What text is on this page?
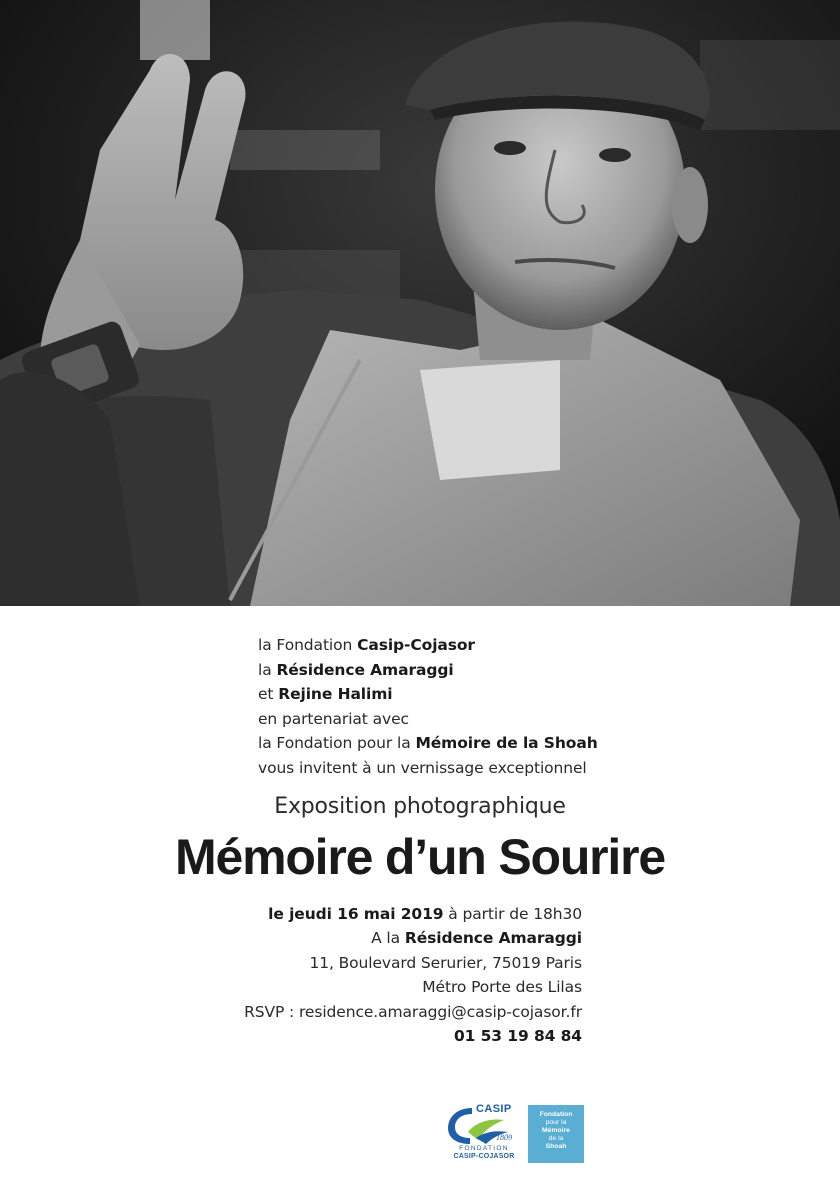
la Fondation Casip-Cojasor
la Résidence Amaraggi
et Rejine Halimi
en partenariat avec
la Fondation pour la Mémoire de la Shoah
vous invitent à un vernissage exceptionnel
Exposition photographique
Mémoire d’un Sourire
le jeudi 16 mai 2019 à partir de 18h30
A la Résidence Amaraggi
11, Boulevard Serurier, 75019 Paris
Métro Porte des Lilas
RSVP : residence.amaraggi@casip-cojasor.fr
01 53 19 84 84
CASIP
1809
FONDATION
CASIP-COJASOR
Fondation
pour la
Mémoire
de la
Shoah
